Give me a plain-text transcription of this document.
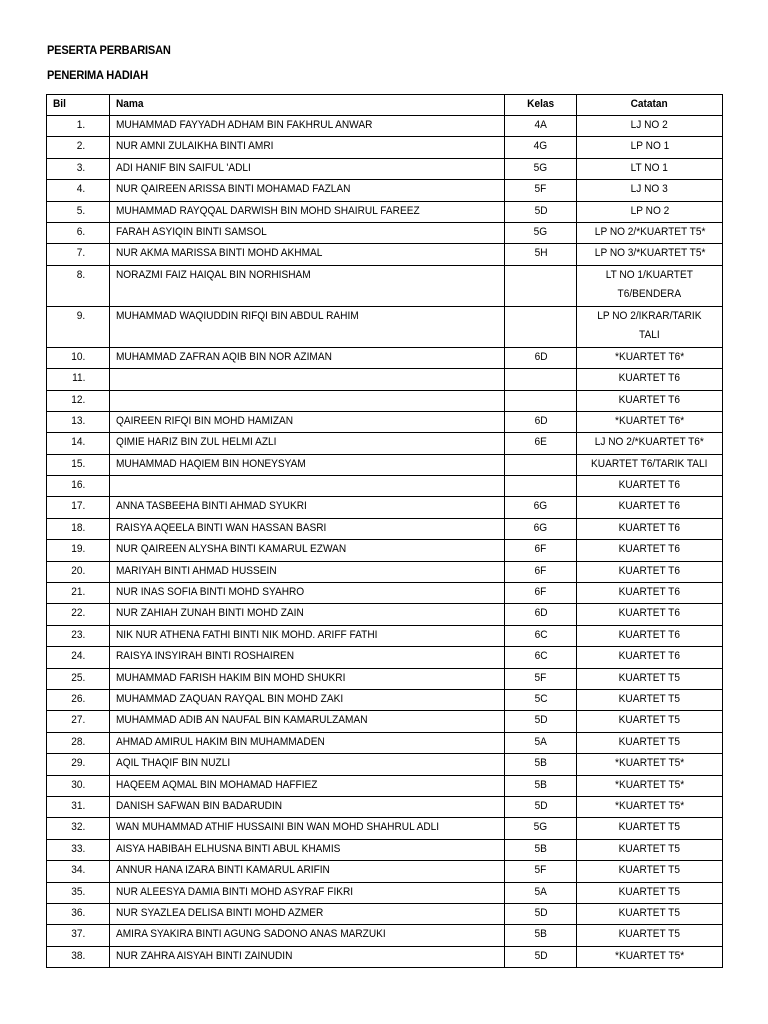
PESERTA PERBARISAN
PENERIMA HADIAH
Bil	Nama	Kelas	Catatan
1.	MUHAMMAD FAYYADH ADHAM BIN FAKHRUL ANWAR	4A	LJ NO 2
2.	NUR AMNI ZULAIKHA BINTI AMRI	4G	LP NO 1
3.	ADI HANIF BIN SAIFUL 'ADLI	5G	LT NO 1
4.	NUR QAIREEN ARISSA BINTI MOHAMAD FAZLAN	5F	LJ NO 3
5.	MUHAMMAD RAYQQAL DARWISH BIN MOHD SHAIRUL FAREEZ	5D	LP NO 2
6.	FARAH ASYIQIN BINTI SAMSOL	5G	LP NO 2/*KUARTET T5*
7.	NUR AKMA MARISSA BINTI MOHD AKHMAL	5H	LP NO 3/*KUARTET T5*
8.	NORAZMI FAIZ HAIQAL BIN NORHISHAM		LT NO 1/KUARTET T6/BENDERA
9.	MUHAMMAD WAQIUDDIN RIFQI BIN ABDUL RAHIM		LP NO 2/IKRAR/TARIK TALI
10.	MUHAMMAD ZAFRAN AQIB BIN NOR AZIMAN	6D	*KUARTET T6*
11.			KUARTET T6
12.			KUARTET T6
13.	QAIREEN RIFQI BIN MOHD HAMIZAN	6D	*KUARTET T6*
14.	QIMIE HARIZ BIN ZUL HELMI AZLI	6E	LJ NO 2/*KUARTET T6*
15.	MUHAMMAD HAQIEM BIN HONEYSYAM		KUARTET T6/TARIK TALI
16.			KUARTET T6
17.	ANNA TASBEEHA BINTI AHMAD SYUKRI	6G	KUARTET T6
18.	RAISYA AQEELA BINTI WAN HASSAN BASRI	6G	KUARTET T6
19.	NUR QAIREEN ALYSHA BINTI KAMARUL EZWAN	6F	KUARTET T6
20.	MARIYAH BINTI AHMAD HUSSEIN	6F	KUARTET T6
21.	NUR INAS SOFIA BINTI MOHD SYAHRO	6F	KUARTET T6
22.	NUR ZAHIAH ZUNAH BINTI MOHD ZAIN	6D	KUARTET T6
23.	NIK NUR ATHENA FATHI BINTI NIK MOHD. ARIFF FATHI	6C	KUARTET T6
24.	RAISYA INSYIRAH BINTI ROSHAIREN	6C	KUARTET T6
25.	MUHAMMAD FARISH HAKIM BIN MOHD SHUKRI	5F	KUARTET T5
26.	MUHAMMAD ZAQUAN RAYQAL BIN MOHD ZAKI	5C	KUARTET T5
27.	MUHAMMAD ADIB AN NAUFAL BIN KAMARULZAMAN	5D	KUARTET T5
28.	AHMAD AMIRUL HAKIM BIN MUHAMMADEN	5A	KUARTET T5
29.	AQIL THAQIF BIN NUZLI	5B	*KUARTET T5*
30.	HAQEEM AQMAL BIN MOHAMAD HAFFIEZ	5B	*KUARTET T5*
31.	DANISH SAFWAN BIN BADARUDIN	5D	*KUARTET T5*
32.	WAN MUHAMMAD ATHIF HUSSAINI BIN WAN MOHD SHAHRUL ADLI	5G	KUARTET T5
33.	AISYA HABIBAH ELHUSNA BINTI ABUL KHAMIS	5B	KUARTET T5
34.	ANNUR HANA IZARA BINTI KAMARUL ARIFIN	5F	KUARTET T5
35.	NUR ALEESYA DAMIA BINTI MOHD ASYRAF FIKRI	5A	KUARTET T5
36.	NUR SYAZLEA DELISA BINTI MOHD AZMER	5D	KUARTET T5
37.	AMIRA SYAKIRA BINTI AGUNG SADONO ANAS MARZUKI	5B	KUARTET T5
38.	NUR ZAHRA AISYAH BINTI ZAINUDIN	5D	*KUARTET T5*
